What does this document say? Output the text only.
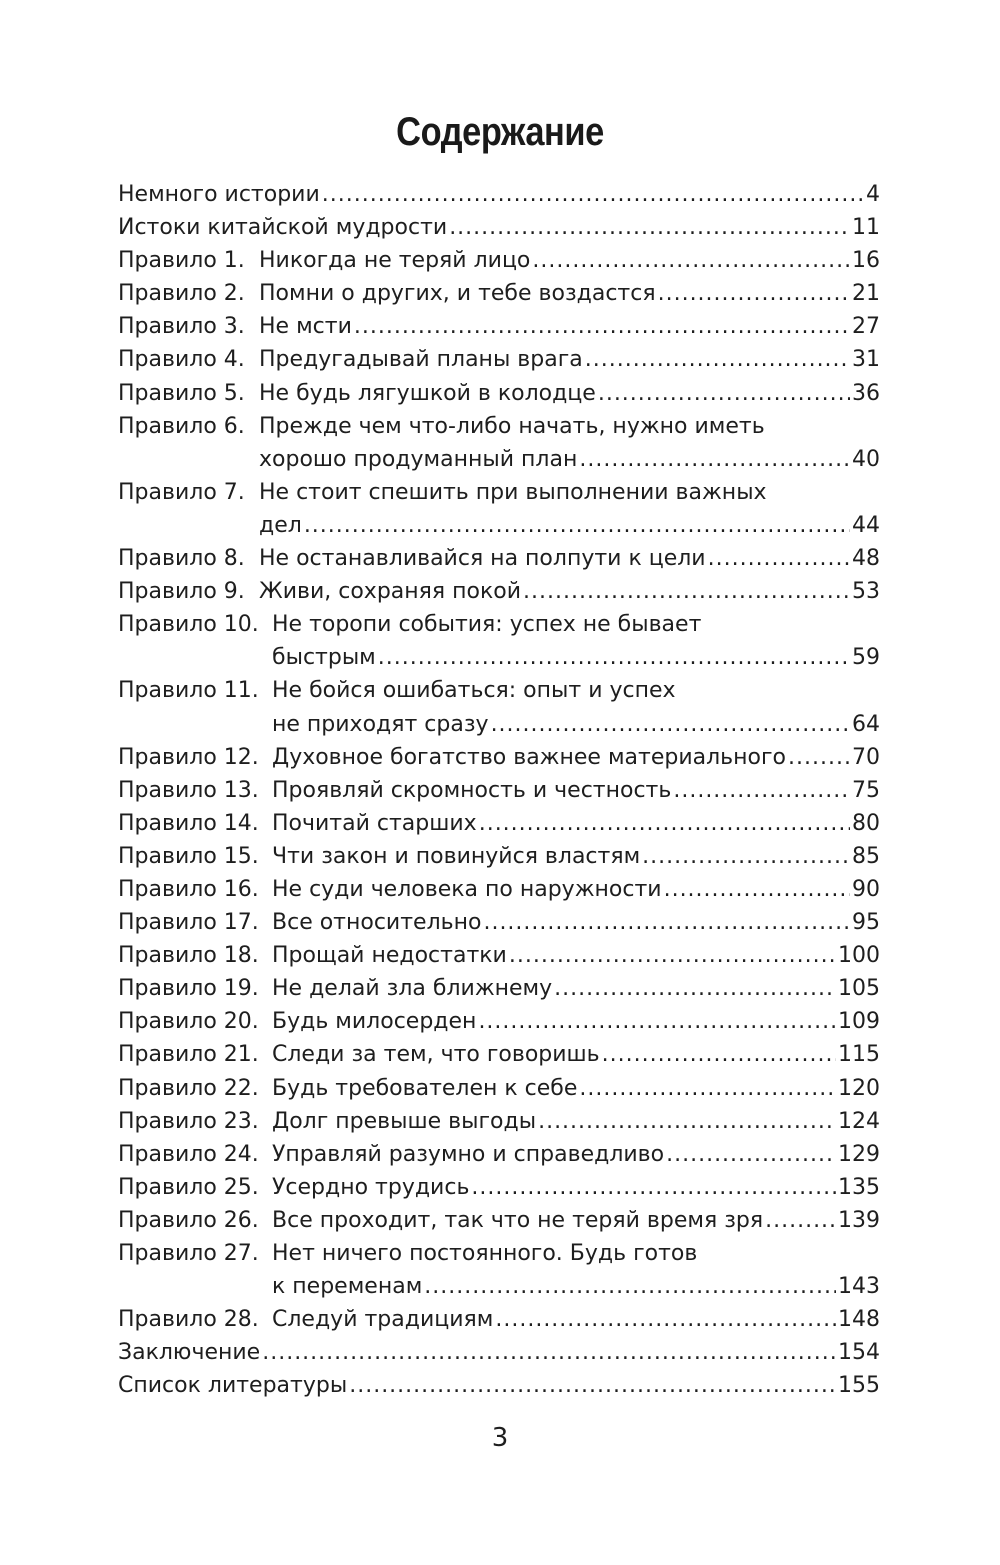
Содержание
Немного истории .....	4
Истоки китайской мудрости .....	11
Правило 1. Никогда не теряй лицо .....	16
Правило 2. Помни о других, и тебе воздастся .....	21
Правило 3. Не мсти .....	27
Правило 4. Предугадывай планы врага .....	31
Правило 5. Не будь лягушкой в колодце .....	36
Правило 6. Прежде чем что-либо начать, нужно иметь
хорошо продуманный план .....	40
Правило 7. Не стоит спешить при выполнении важных
дел .....	44
Правило 8. Не останавливайся на полпути к цели .....	48
Правило 9. Живи, сохраняя покой .....	53
Правило 10. Не торопи события: успех не бывает
быстрым .....	59
Правило 11. Не бойся ошибаться: опыт и успех
не приходят сразу .....	64
Правило 12. Духовное богатство важнее материального .....	70
Правило 13. Проявляй скромность и честность .....	75
Правило 14. Почитай старших .....	80
Правило 15. Чти закон и повинуйся властям .....	85
Правило 16. Не суди человека по наружности .....	90
Правило 17. Все относительно .....	95
Правило 18. Прощай недостатки .....	100
Правило 19. Не делай зла ближнему .....	105
Правило 20. Будь милосерден .....	109
Правило 21. Следи за тем, что говоришь .....	115
Правило 22. Будь требователен к себе .....	120
Правило 23. Долг превыше выгоды .....	124
Правило 24. Управляй разумно и справедливо .....	129
Правило 25. Усердно трудись .....	135
Правило 26. Все проходит, так что не теряй время зря .....	139
Правило 27. Нет ничего постоянного. Будь готов
к переменам .....	143
Правило 28. Следуй традициям .....	148
Заключение .....	154
Список литературы .....	155
3
